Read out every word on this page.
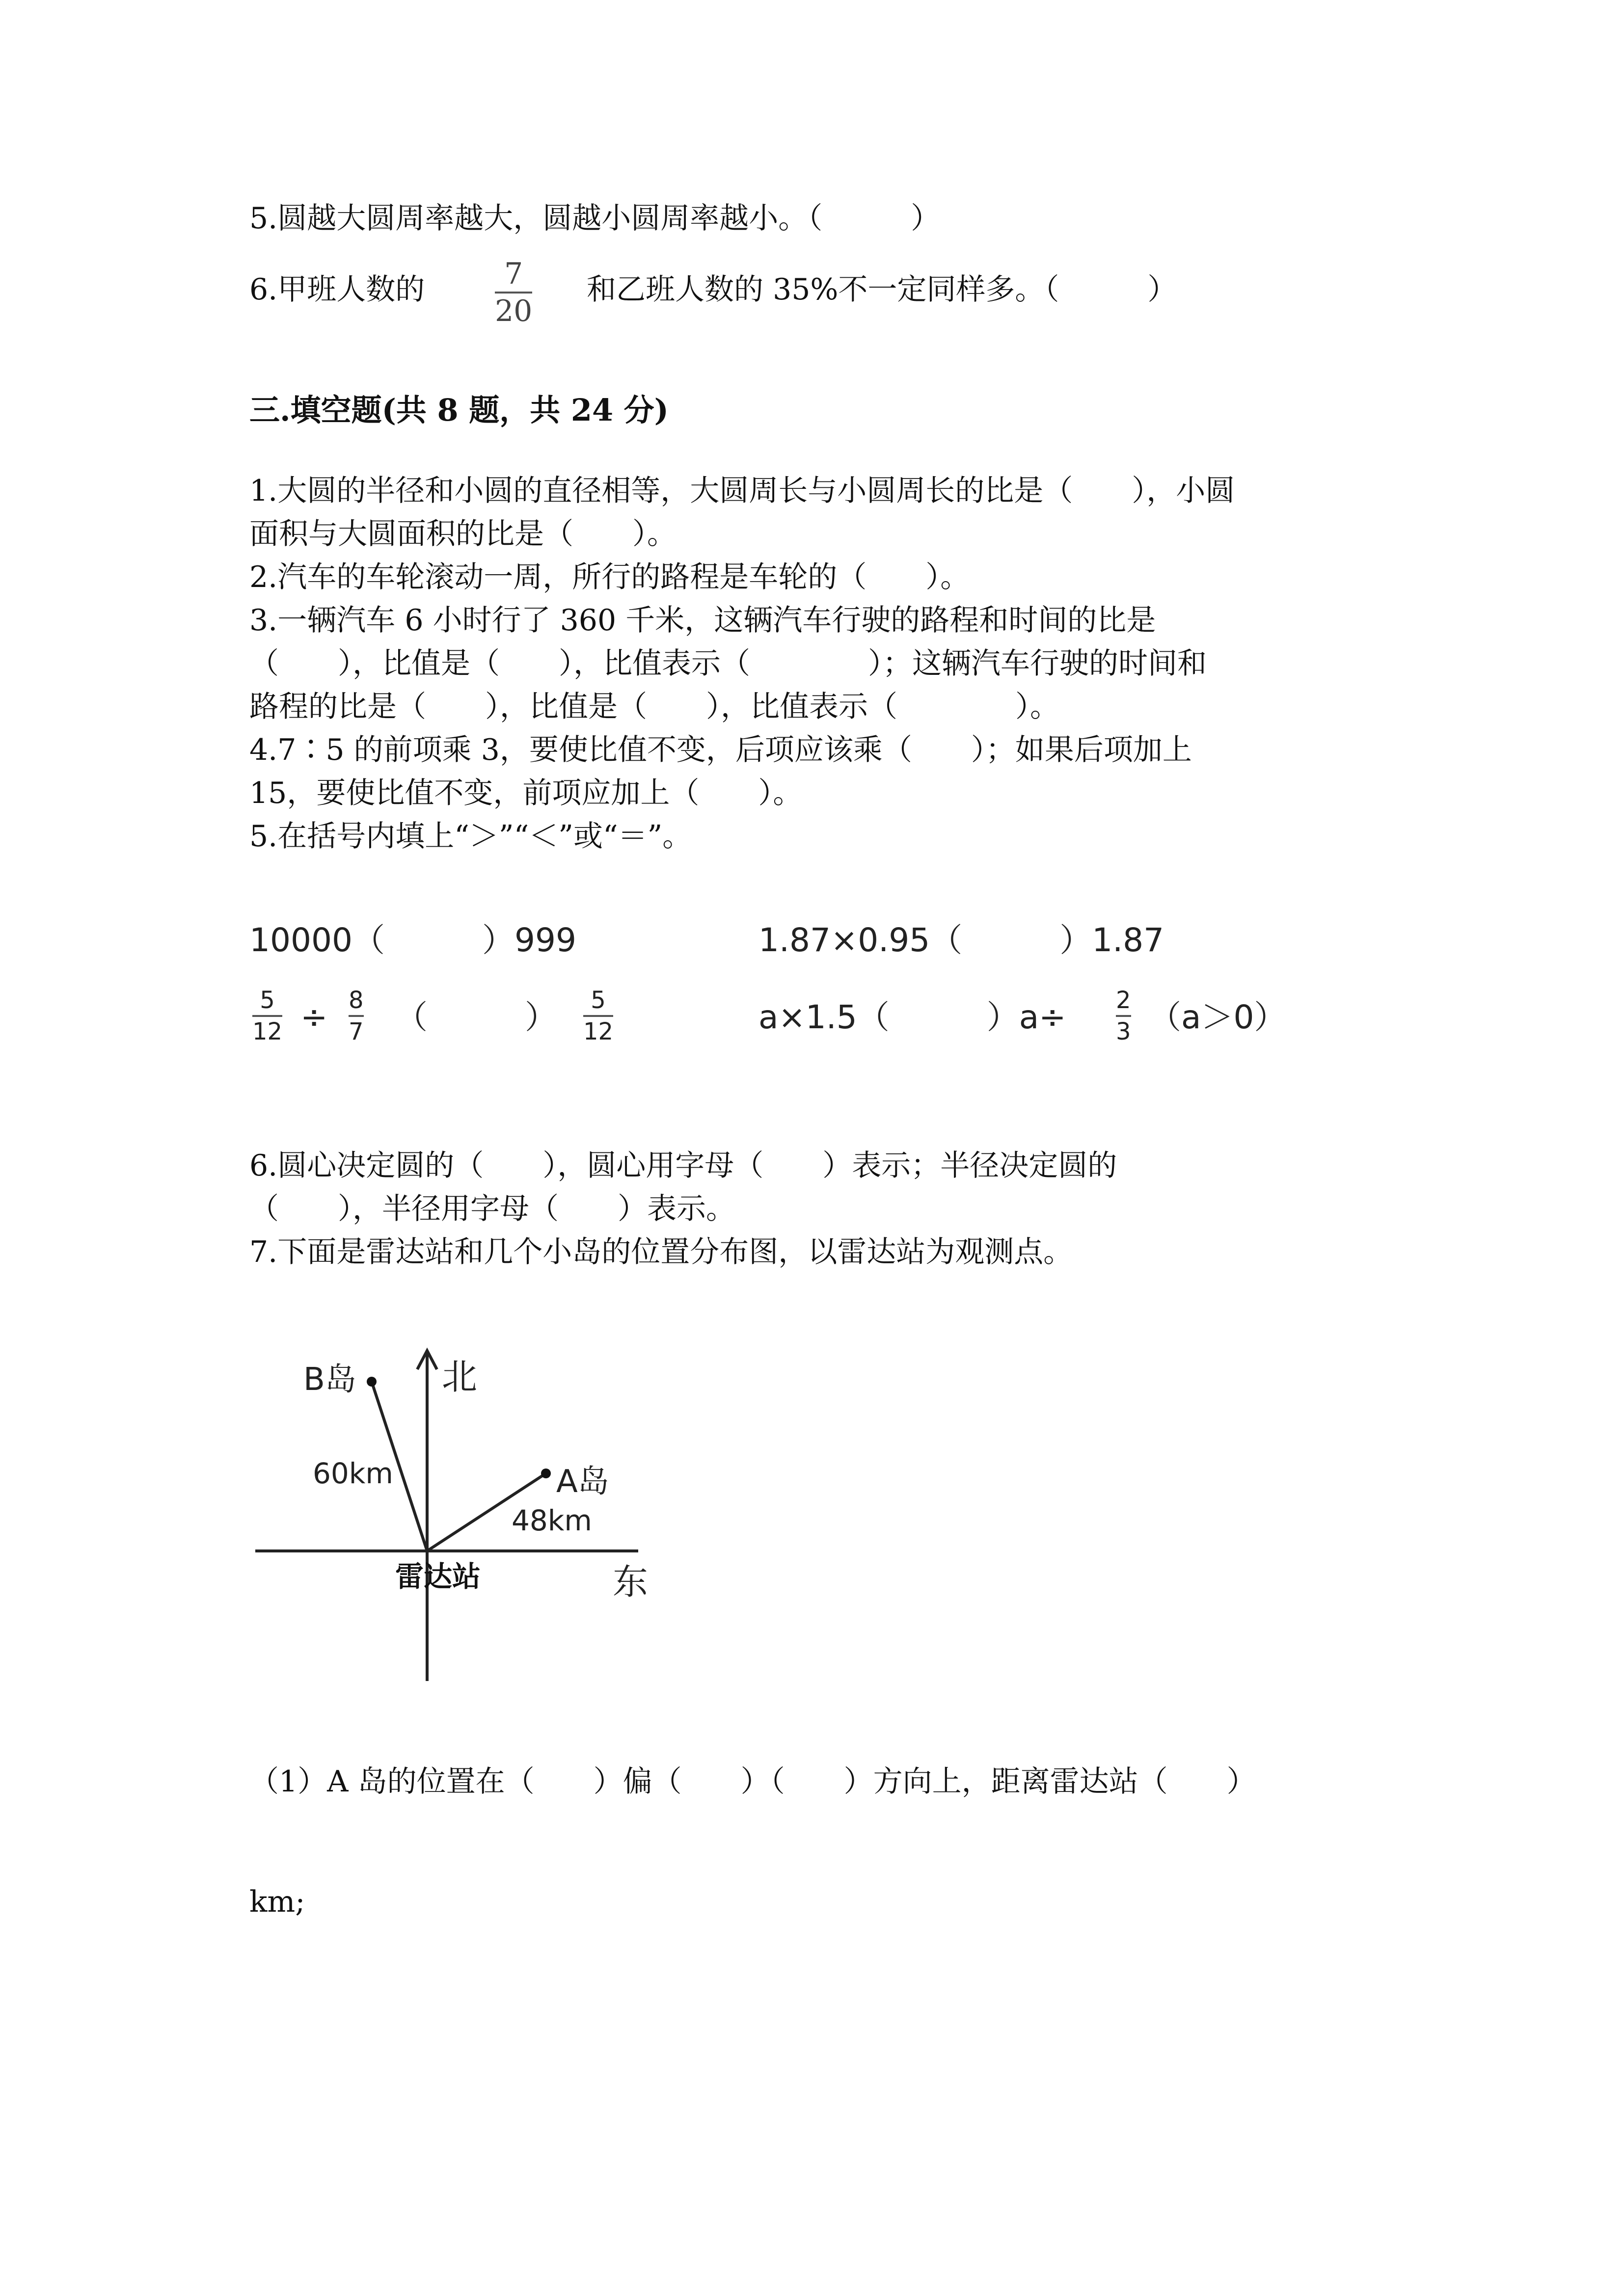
5.圆越大圆周率越大，圆越小圆周率越小。（　　　）
6.甲班人数的	7
20
和乙班人数的 35%不一定同样多。（　　　）
三.填空题(共 8 题，共 24 分)
1.大圆的半径和小圆的直径相等，大圆周长与小圆周长的比是（　　），小圆
面积与大圆面积的比是（　　）。
2.汽车的车轮滚动一周，所行的路程是车轮的（　　）。
3.一辆汽车 6 小时行了 360 千米，这辆汽车行驶的路程和时间的比是
（　　），比值是（　　），比值表示（　　　　）；这辆汽车行驶的时间和
路程的比是（　　），比值是（　　），比值表示（　　　　）。
4.7∶5 的前项乘 3，要使比值不变，后项应该乘（　　）；如果后项加上
15，要使比值不变，前项应加上（　　）。
5.在括号内填上“＞”“＜”或“＝”。
10000（　　　）999	1.87×0.95（　　　）1.87
5
12 ÷ 8
7 （　　　） 5
12	a×1.5（　　　）a÷ 2
3 （a＞0）
6.圆心决定圆的（　　），圆心用字母（　　）表示；半径决定圆的
（　　），半径用字母（　　）表示。
7.下面是雷达站和几个小岛的位置分布图，以雷达站为观测点。
北
东
B岛
A岛
60km
48km
雷达站
（1）A 岛的位置在（　　）偏（　　）（　　）方向上，距离雷达站（　　）
km;
